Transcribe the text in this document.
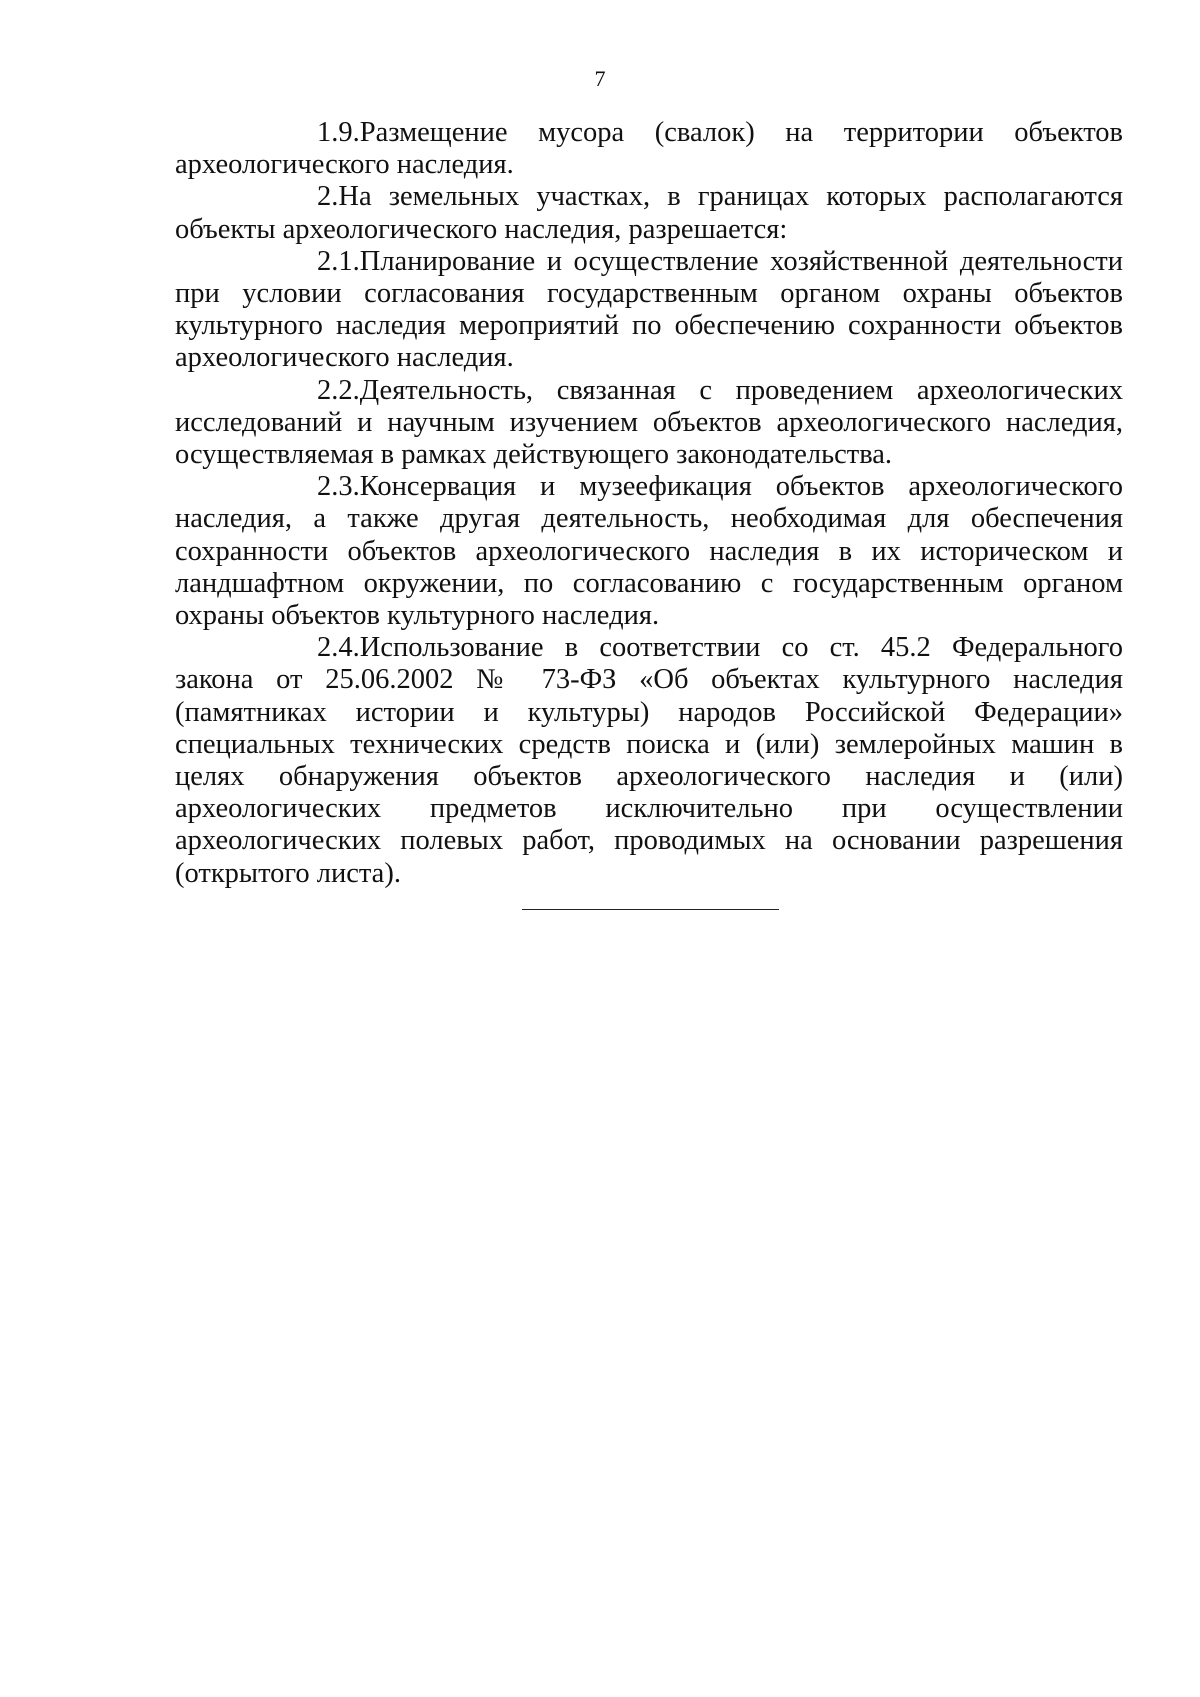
7

1.9.Размещение мусора (свалок) на территории объектов археологического наследия.

2.На земельных участках, в границах которых располагаются объекты археологического наследия, разрешается:

2.1.Планирование и осуществление хозяйственной деятельности при условии согласования государственным органом охраны объектов культурного наследия мероприятий по обеспечению сохранности объектов археологического наследия.

2.2.Деятельность, связанная с проведением археологических исследований и научным изучением объектов археологического наследия, осуществляемая в рамках действующего законодательства.

2.3.Консервация и музеефикация объектов археологического наследия, а также другая деятельность, необходимая для обеспечения сохранности объектов археологического наследия в их историческом и ландшафтном окружении, по согласованию с государственным органом охраны объектов культурного наследия.

2.4.Использование в соответствии со ст. 45.2 Федерального закона от 25.06.2002 № 73-ФЗ «Об объектах культурного наследия (памятниках истории и культуры) народов Российской Федерации» специальных технических средств поиска и (или) землеройных машин в целях обнаружения объектов археологического наследия и (или) археологических предметов исключительно при осуществлении археологических полевых работ, проводимых на основании разрешения (открытого листа).
